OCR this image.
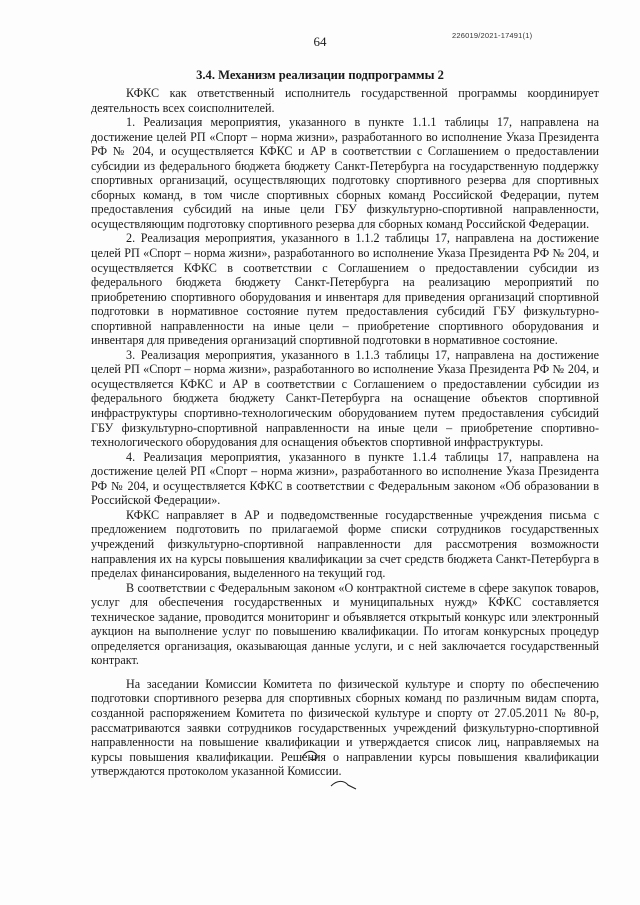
64	226019/2021-17491(1)
3.4. Механизм реализации подпрограммы 2

КФКС как ответственный исполнитель государственной программы координирует деятельность всех соисполнителей.

1. Реализация мероприятия, указанного в пункте 1.1.1 таблицы 17, направлена на достижение целей РП «Спорт – норма жизни», разработанного во исполнение Указа Президента РФ № 204, и осуществляется КФКС и АР в соответствии с Соглашением о предоставлении субсидии из федерального бюджета бюджету Санкт-Петербурга на государственную поддержку спортивных организаций, осуществляющих подготовку спортивного резерва для спортивных сборных команд, в том числе спортивных сборных команд Российской Федерации, путем предоставления субсидий на иные цели ГБУ физкультурно-спортивной направленности, осуществляющим подготовку спортивного резерва для сборных команд Российской Федерации.

2. Реализация мероприятия, указанного в 1.1.2 таблицы 17, направлена на достижение целей РП «Спорт – норма жизни», разработанного во исполнение Указа Президента РФ № 204, и осуществляется КФКС в соответствии с Соглашением о предоставлении субсидии из федерального бюджета бюджету Санкт-Петербурга на реализацию мероприятий по приобретению спортивного оборудования и инвентаря для приведения организаций спортивной подготовки в нормативное состояние путем предоставления субсидий ГБУ физкультурно-спортивной направленности на иные цели – приобретение спортивного оборудования и инвентаря для приведения организаций спортивной подготовки в нормативное состояние.

3. Реализация мероприятия, указанного в 1.1.3 таблицы 17, направлена на достижение целей РП «Спорт – норма жизни», разработанного во исполнение Указа Президента РФ № 204, и осуществляется КФКС и АР в соответствии с Соглашением о предоставлении субсидии из федерального бюджета бюджету Санкт-Петербурга на оснащение объектов спортивной инфраструктуры спортивно-технологическим оборудованием путем предоставления субсидий ГБУ физкультурно-спортивной направленности на иные цели – приобретение спортивно-технологического оборудования для оснащения объектов спортивной инфраструктуры.

4. Реализация мероприятия, указанного в пункте 1.1.4 таблицы 17, направлена на достижение целей РП «Спорт – норма жизни», разработанного во исполнение Указа Президента РФ № 204, и осуществляется КФКС в соответствии с Федеральным законом «Об образовании в Российской Федерации».

КФКС направляет в АР и подведомственные государственные учреждения письма с предложением подготовить по прилагаемой форме списки сотрудников государственных учреждений физкультурно-спортивной направленности для рассмотрения возможности направления их на курсы повышения квалификации за счет средств бюджета Санкт-Петербурга в пределах финансирования, выделенного на текущий год.

В соответствии с Федеральным законом «О контрактной системе в сфере закупок товаров, услуг для обеспечения государственных и муниципальных нужд» КФКС составляется техническое задание, проводится мониторинг и объявляется открытый конкурс или электронный аукцион на выполнение услуг по повышению квалификации. По итогам конкурсных процедур определяется организация, оказывающая данные услуги, и с ней заключается государственный контракт.

На заседании Комиссии Комитета по физической культуре и спорту по обеспечению подготовки спортивного резерва для спортивных сборных команд по различным видам спорта, созданной распоряжением Комитета по физической культуре и спорту от 27.05.2011 № 80-р, рассматриваются заявки сотрудников государственных учреждений физкультурно-спортивной направленности на повышение квалификации и утверждается список лиц, направляемых на курсы повышения квалификации. Решения о направлении курсы повышения квалификации утверждаются протоколом указанной Комиссии.
